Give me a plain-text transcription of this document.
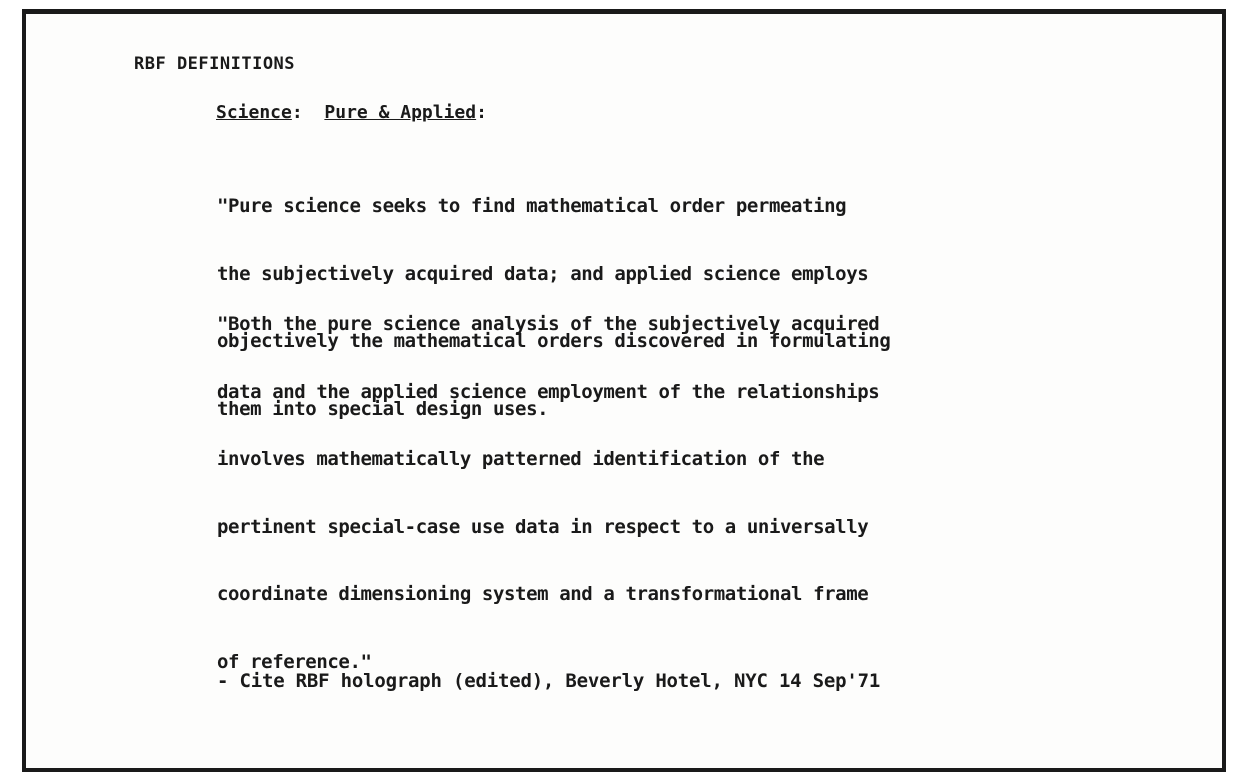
RBF DEFINITIONS
Science: Pure & Applied:

"Pure science seeks to find mathematical order permeating

the subjectively acquired data; and applied science employs

objectively the mathematical orders discovered in formulating

them into special design uses.

"Both the pure science analysis of the subjectively acquired

data and the applied science employment of the relationships

involves mathematically patterned identification of the

pertinent special-case use data in respect to a universally

coordinate dimensioning system and a transformational frame

of reference."

- Cite RBF holograph (edited), Beverly Hotel, NYC 14 Sep'71
